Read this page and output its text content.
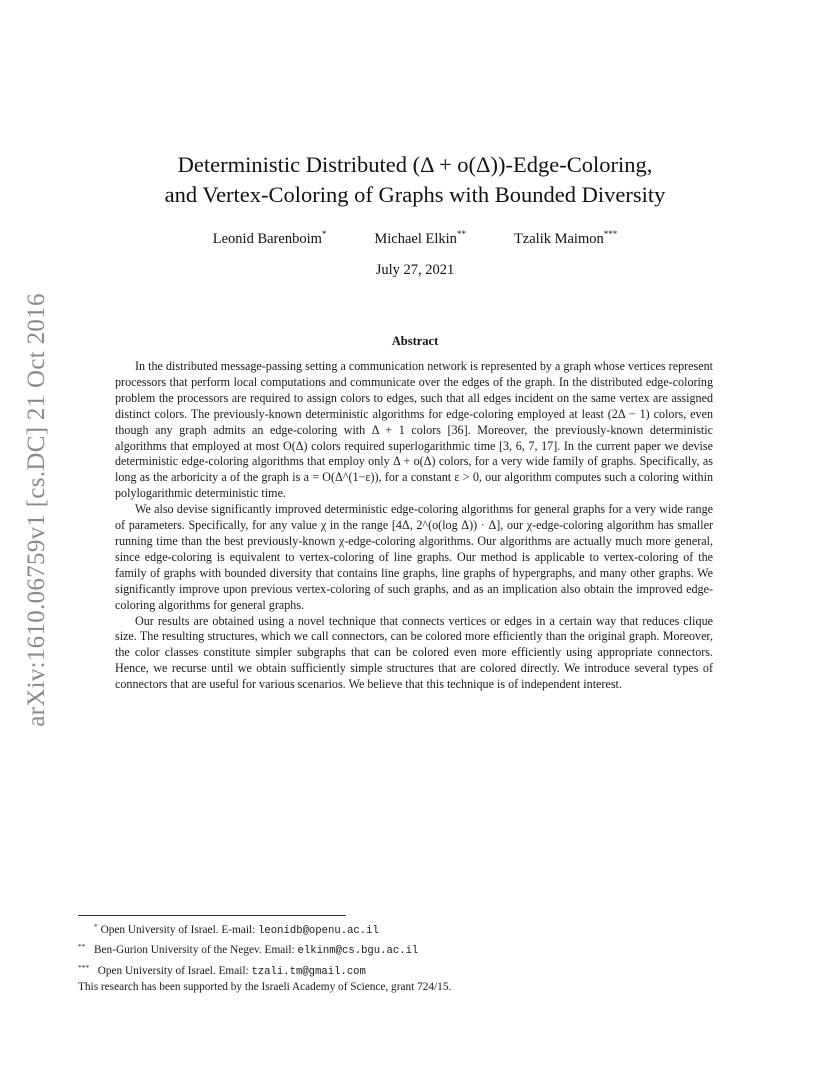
arXiv:1610.06759v1 [cs.DC] 21 Oct 2016
Deterministic Distributed (Δ + o(Δ))-Edge-Coloring,
and Vertex-Coloring of Graphs with Bounded Diversity
Leonid Barenboim*	Michael Elkin**	Tzalik Maimon***
July 27, 2021
Abstract

In the distributed message-passing setting a communication network is represented by a graph whose vertices represent processors that perform local computations and communicate over the edges of the graph. In the distributed edge-coloring problem the processors are required to assign colors to edges, such that all edges incident on the same vertex are assigned distinct colors. The previously-known deterministic algorithms for edge-coloring employed at least (2Δ − 1) colors, even though any graph admits an edge-coloring with Δ + 1 colors [36]. Moreover, the previously-known deterministic algorithms that employed at most O(Δ) colors required superlogarithmic time [3, 6, 7, 17]. In the current paper we devise deterministic edge-coloring algorithms that employ only Δ + o(Δ) colors, for a very wide family of graphs. Specifically, as long as the arboricity a of the graph is a = O(Δ^(1−ε)), for a constant ε > 0, our algorithm computes such a coloring within polylogarithmic deterministic time.

We also devise significantly improved deterministic edge-coloring algorithms for general graphs for a very wide range of parameters. Specifically, for any value χ in the range [4Δ, 2^(o(log Δ)) · Δ], our χ-edge-coloring algorithm has smaller running time than the best previously-known χ-edge-coloring algorithms. Our algorithms are actually much more general, since edge-coloring is equivalent to vertex-coloring of line graphs. Our method is applicable to vertex-coloring of the family of graphs with bounded diversity that contains line graphs, line graphs of hypergraphs, and many other graphs. We significantly improve upon previous vertex-coloring of such graphs, and as an implication also obtain the improved edge-coloring algorithms for general graphs.

Our results are obtained using a novel technique that connects vertices or edges in a certain way that reduces clique size. The resulting structures, which we call connectors, can be colored more efficiently than the original graph. Moreover, the color classes constitute simpler subgraphs that can be colored even more efficiently using appropriate connectors. Hence, we recurse until we obtain sufficiently simple structures that are colored directly. We introduce several types of connectors that are useful for various scenarios. We believe that this technique is of independent interest.

* Open University of Israel. E-mail: leonidb@openu.ac.il
** Ben-Gurion University of the Negev. Email: elkinm@cs.bgu.ac.il
*** Open University of Israel. Email: tzali.tm@gmail.com
This research has been supported by the Israeli Academy of Science, grant 724/15.
